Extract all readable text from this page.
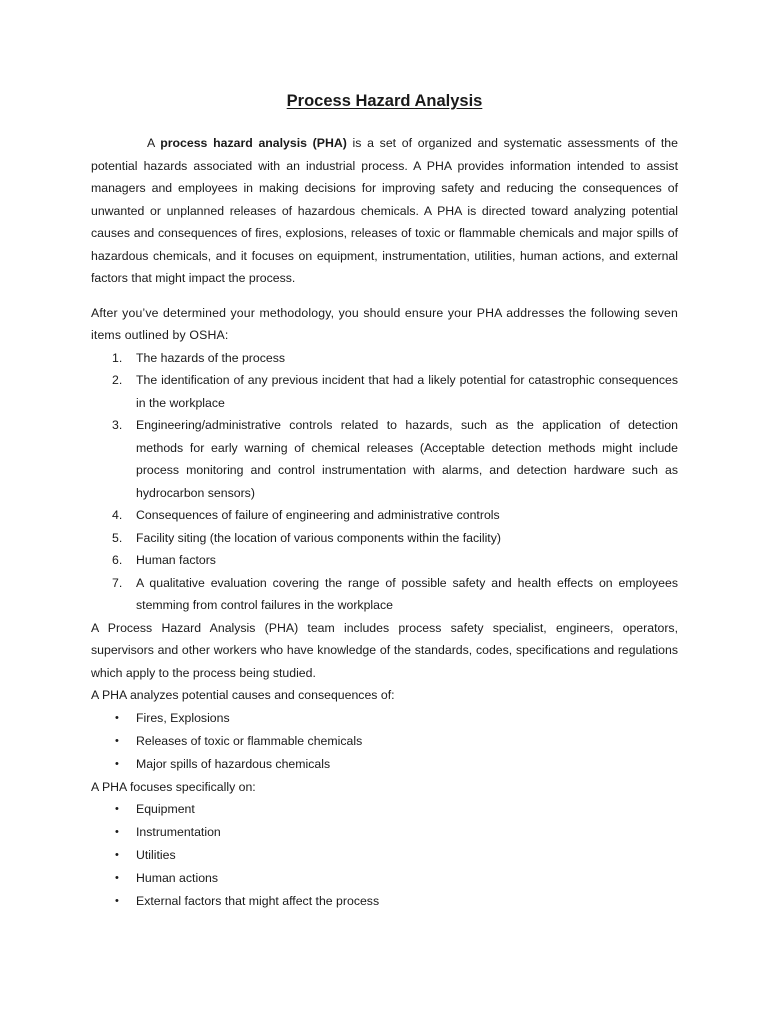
Process Hazard Analysis

A process hazard analysis (PHA) is a set of organized and systematic assessments of the potential hazards associated with an industrial process. A PHA provides information intended to assist managers and employees in making decisions for improving safety and reducing the consequences of unwanted or unplanned releases of hazardous chemicals. A PHA is directed toward analyzing potential causes and consequences of fires, explosions, releases of toxic or flammable chemicals and major spills of hazardous chemicals, and it focuses on equipment, instrumentation, utilities, human actions, and external factors that might impact the process.

After you’ve determined your methodology, you should ensure your PHA addresses the following seven items outlined by OSHA:

1. The hazards of the process
2. The identification of any previous incident that had a likely potential for catastrophic consequences in the workplace
3. Engineering/administrative controls related to hazards, such as the application of detection methods for early warning of chemical releases (Acceptable detection methods might include process monitoring and control instrumentation with alarms, and detection hardware such as hydrocarbon sensors)
4. Consequences of failure of engineering and administrative controls
5. Facility siting (the location of various components within the facility)
6. Human factors
7. A qualitative evaluation covering the range of possible safety and health effects on employees stemming from control failures in the workplace

A Process Hazard Analysis (PHA) team includes process safety specialist, engineers, operators, supervisors and other workers who have knowledge of the standards, codes, specifications and regulations which apply to the process being studied.

A PHA analyzes potential causes and consequences of:

• Fires, Explosions
• Releases of toxic or flammable chemicals
• Major spills of hazardous chemicals

A PHA focuses specifically on:

• Equipment
• Instrumentation
• Utilities
• Human actions
• External factors that might affect the process
